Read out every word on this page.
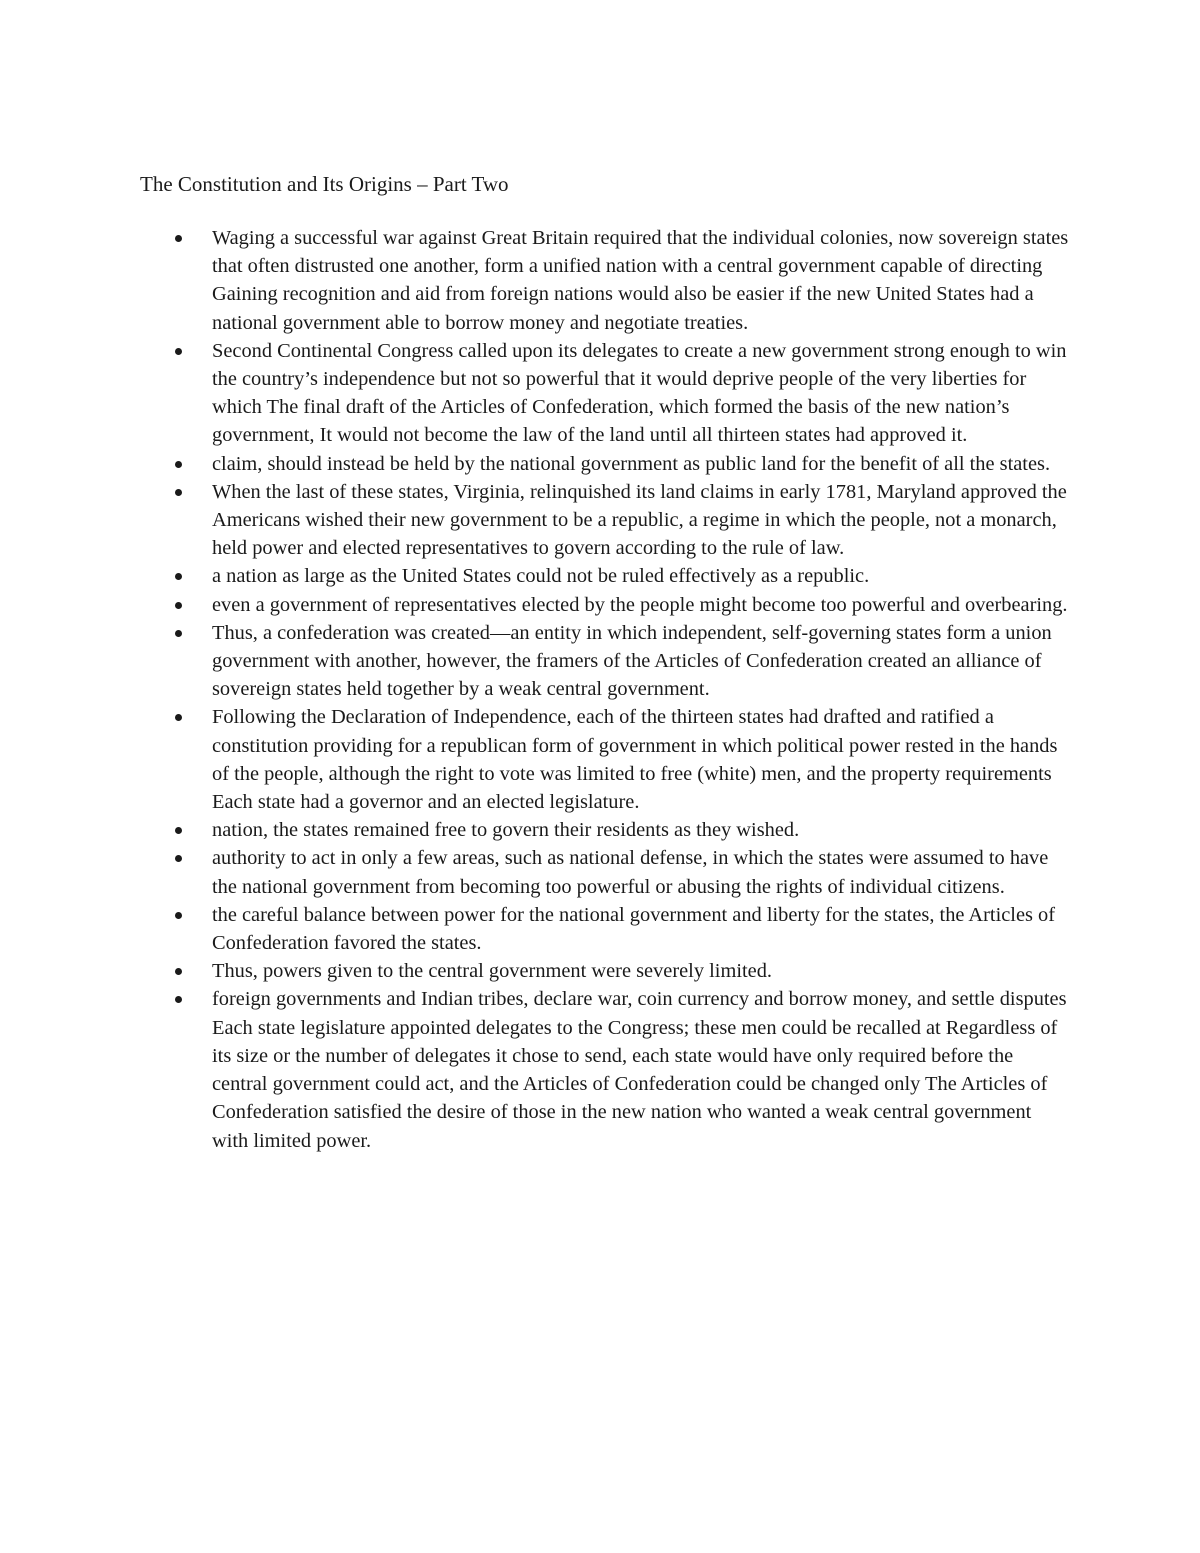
The Constitution and Its Origins – Part Two
Waging a successful war against Great Britain required that the individual colonies, now sovereign states that often distrusted one another, form a unified nation with a central government capable of directing Gaining recognition and aid from foreign nations would also be easier if the new United States had a national government able to borrow money and negotiate treaties.
Second Continental Congress called upon its delegates to create a new government strong enough to win the country’s independence but not so powerful that it would deprive people of the very liberties for which The final draft of the Articles of Confederation, which formed the basis of the new nation’s government, It would not become the law of the land until all thirteen states had approved it.
claim, should instead be held by the national government as public land for the benefit of all the states.
When the last of these states, Virginia, relinquished its land claims in early 1781, Maryland approved the Americans wished their new government to be a republic, a regime in which the people, not a monarch, held power and elected representatives to govern according to the rule of law.
a nation as large as the United States could not be ruled effectively as a republic.
even a government of representatives elected by the people might become too powerful and overbearing.
Thus, a confederation was created—an entity in which independent, self-governing states form a union government with another, however, the framers of the Articles of Confederation created an alliance of sovereign states held together by a weak central government.
Following the Declaration of Independence, each of the thirteen states had drafted and ratified a constitution providing for a republican form of government in which political power rested in the hands of the people, although the right to vote was limited to free (white) men, and the property requirements Each state had a governor and an elected legislature.
nation, the states remained free to govern their residents as they wished.
authority to act in only a few areas, such as national defense, in which the states were assumed to have the national government from becoming too powerful or abusing the rights of individual citizens.
the careful balance between power for the national government and liberty for the states, the Articles of Confederation favored the states.
Thus, powers given to the central government were severely limited.
foreign governments and Indian tribes, declare war, coin currency and borrow money, and settle disputes Each state legislature appointed delegates to the Congress; these men could be recalled at Regardless of its size or the number of delegates it chose to send, each state would have only required before the central government could act, and the Articles of Confederation could be changed only The Articles of Confederation satisfied the desire of those in the new nation who wanted a weak central government with limited power.
